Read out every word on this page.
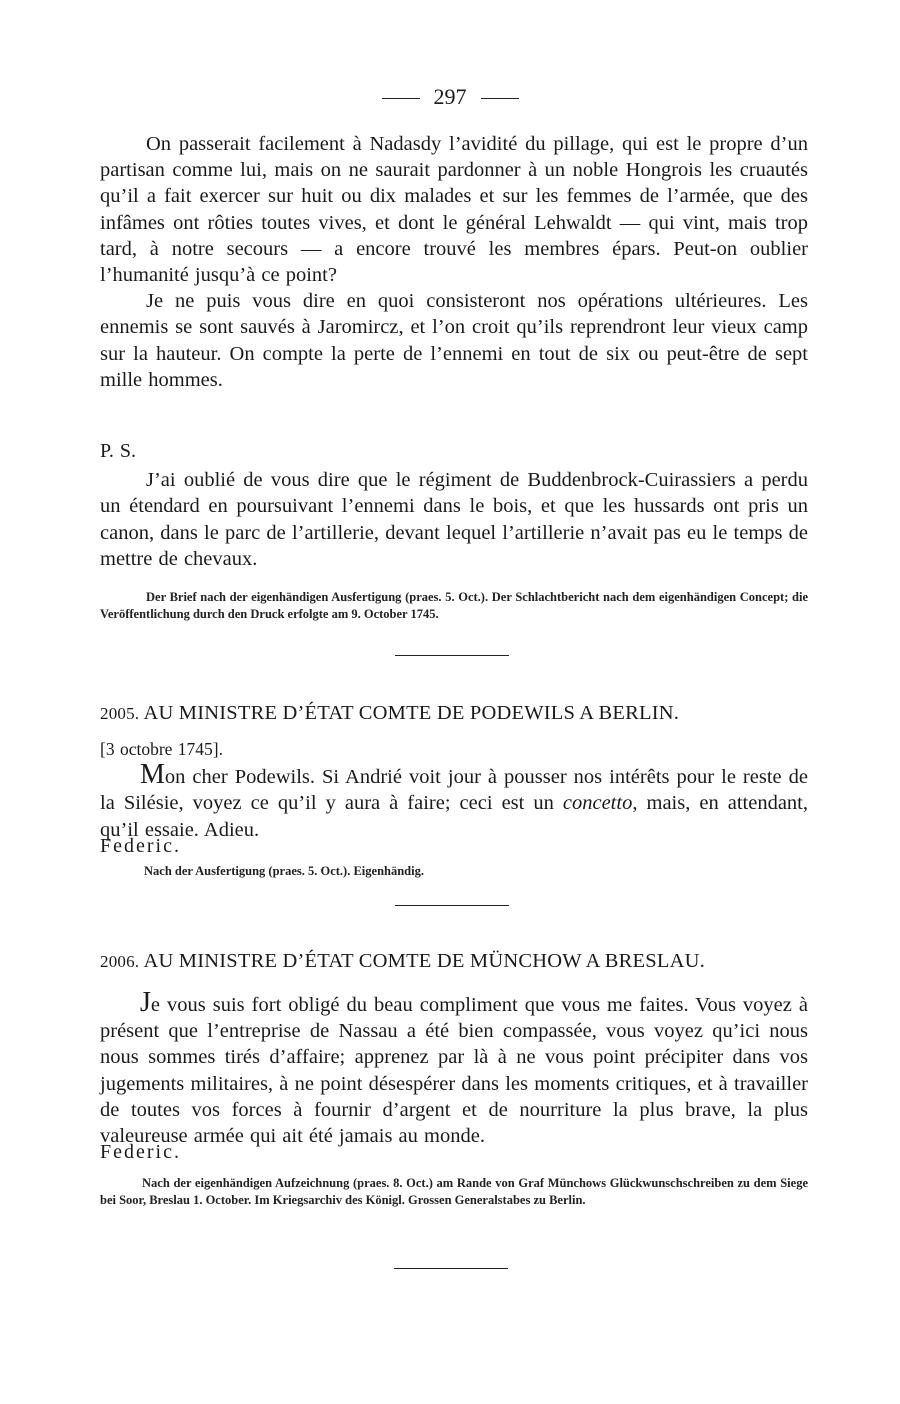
297

On passerait facilement à Nadasdy l’avidité du pillage, qui est le propre d’un partisan comme lui, mais on ne saurait pardonner à un noble Hongrois les cruautés qu’il a fait exercer sur huit ou dix malades et sur les femmes de l’armée, que des infâmes ont rôties toutes vives, et dont le général Lehwaldt — qui vint, mais trop tard, à notre secours — a encore trouvé les membres épars. Peut-on oublier l’humanité jusqu’à ce point?

Je ne puis vous dire en quoi consisteront nos opérations ultérieures. Les ennemis se sont sauvés à Jaromircz, et l’on croit qu’ils reprendront leur vieux camp sur la hauteur. On compte la perte de l’ennemi en tout de six ou peut-être de sept mille hommes.

P. S.

J’ai oublié de vous dire que le régiment de Buddenbrock-Cuirassiers a perdu un étendard en poursuivant l’ennemi dans le bois, et que les hussards ont pris un canon, dans le parc de l’artillerie, devant lequel l’artillerie n’avait pas eu le temps de mettre de chevaux.

Der Brief nach der eigenhändigen Ausfertigung (praes. 5. Oct.). Der Schlachtbericht nach dem eigenhändigen Concept; die Veröffentlichung durch den Druck erfolgte am 9. October 1745.

2005. AU MINISTRE D’ÉTAT COMTE DE PODEWILS A BERLIN.

[3 octobre 1745].

Mon cher Podewils. Si Andrié voit jour à pousser nos intérêts pour le reste de la Silésie, voyez ce qu’il y aura à faire; ceci est un concetto, mais, en attendant, qu’il essaie. Adieu.

Federic.

Nach der Ausfertigung (praes. 5. Oct.). Eigenhändig.

2006. AU MINISTRE D’ÉTAT COMTE DE MÜNCHOW A BRESLAU.

Je vous suis fort obligé du beau compliment que vous me faites. Vous voyez à présent que l’entreprise de Nassau a été bien compassée, vous voyez qu’ici nous nous sommes tirés d’affaire; apprenez par là à ne vous point précipiter dans vos jugements militaires, à ne point désespérer dans les moments critiques, et à travailler de toutes vos forces à fournir d’argent et de nourriture la plus brave, la plus valeureuse armée qui ait été jamais au monde.

Federic.

Nach der eigenhändigen Aufzeichnung (praes. 8. Oct.) am Rande von Graf Münchows Glückwunschschreiben zu dem Siege bei Soor, Breslau 1. October. Im Kriegsarchiv des Königl. Grossen Generalstabes zu Berlin.
